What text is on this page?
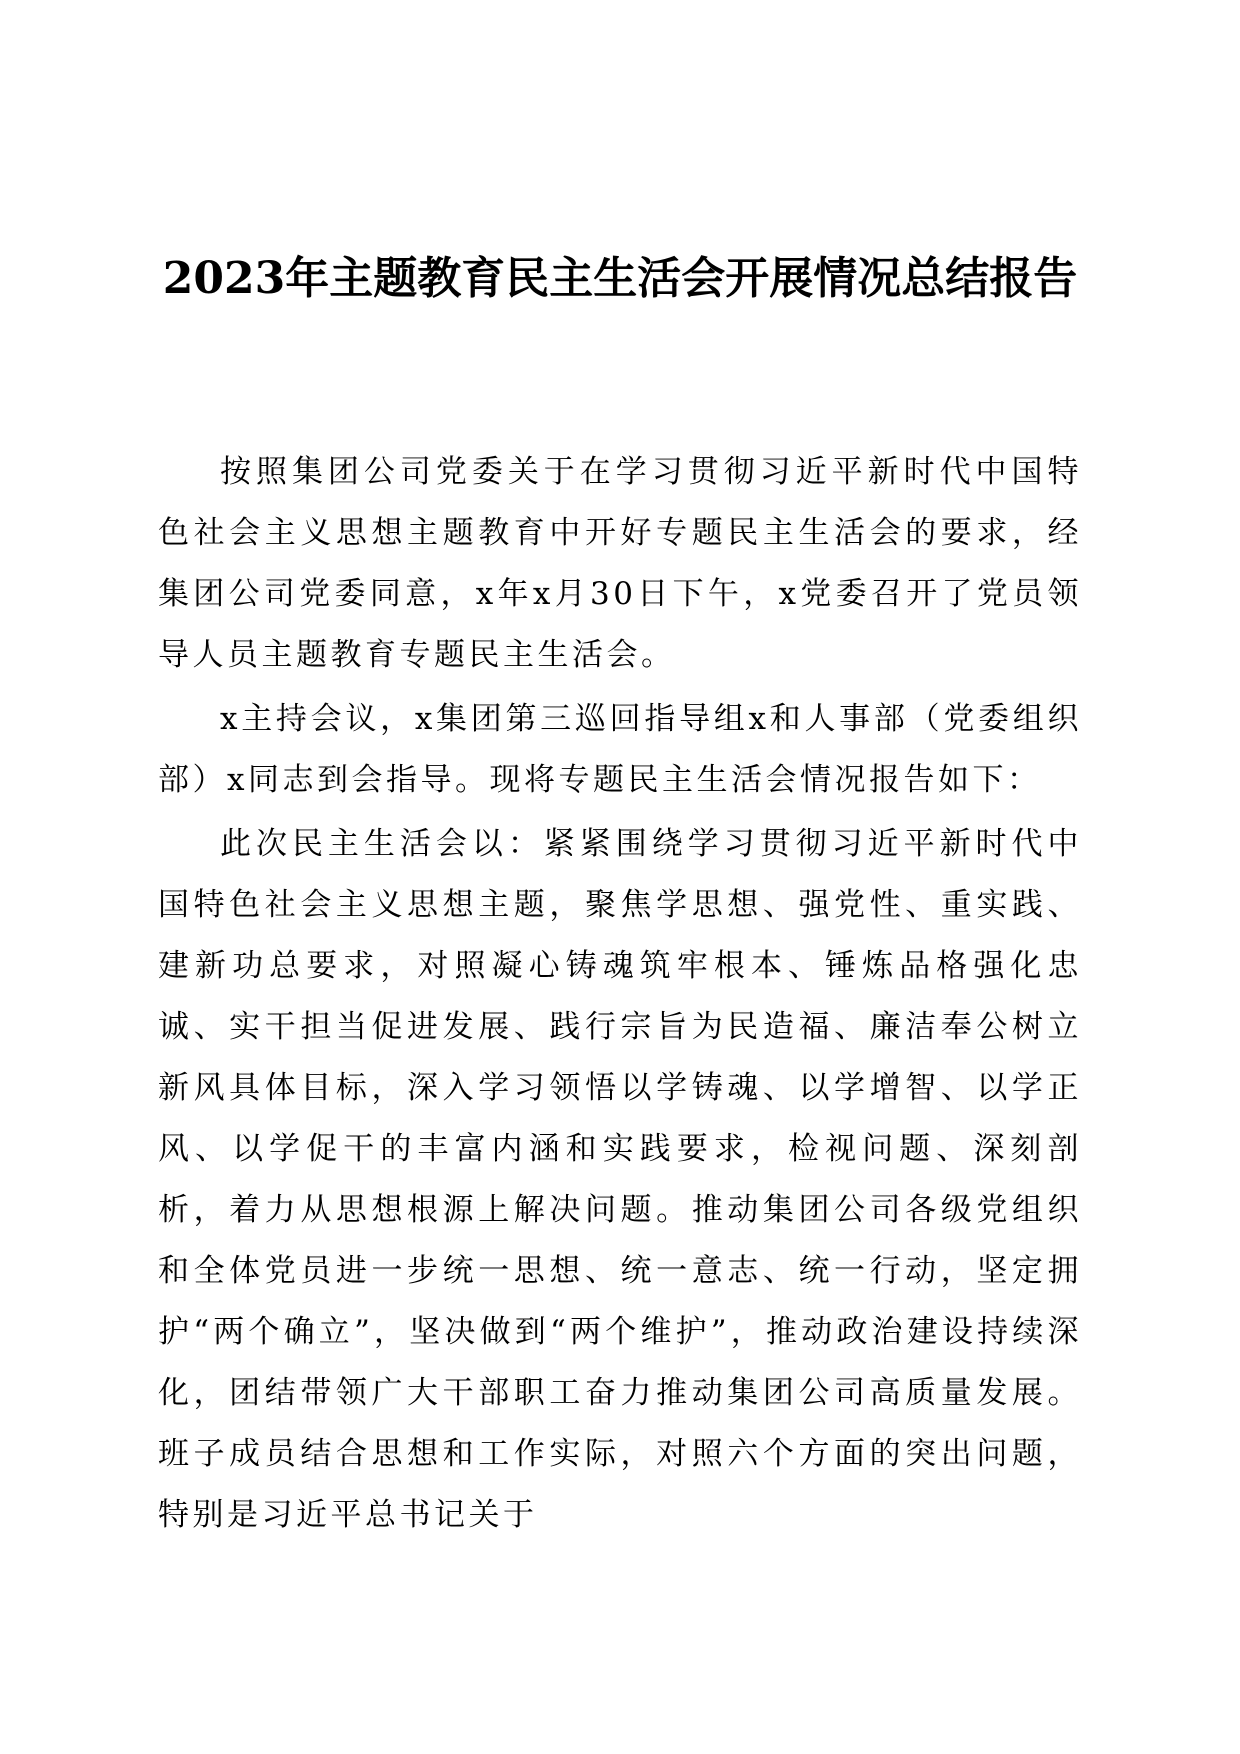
2023年主题教育民主生活会开展情况总结报告

按照集团公司党委关于在学习贯彻习近平新时代中国特色社会主义思想主题教育中开好专题民主生活会的要求，经集团公司党委同意，x年x月30日下午，x党委召开了党员领导人员主题教育专题民主生活会。

x主持会议，x集团第三巡回指导组x和人事部（党委组织部）x同志到会指导。现将专题民主生活会情况报告如下：

此次民主生活会以：紧紧围绕学习贯彻习近平新时代中国特色社会主义思想主题，聚焦学思想、强党性、重实践、建新功总要求，对照凝心铸魂筑牢根本、锤炼品格强化忠诚、实干担当促进发展、践行宗旨为民造福、廉洁奉公树立新风具体目标，深入学习领悟以学铸魂、以学增智、以学正风、以学促干的丰富内涵和实践要求，检视问题、深刻剖析，着力从思想根源上解决问题。推动集团公司各级党组织和全体党员进一步统一思想、统一意志、统一行动，坚定拥护“两个确立”，坚决做到“两个维护”，推动政治建设持续深化，团结带领广大干部职工奋力推动集团公司高质量发展。班子成员结合思想和工作实际，对照六个方面的突出问题，特别是习近平总书记关于
